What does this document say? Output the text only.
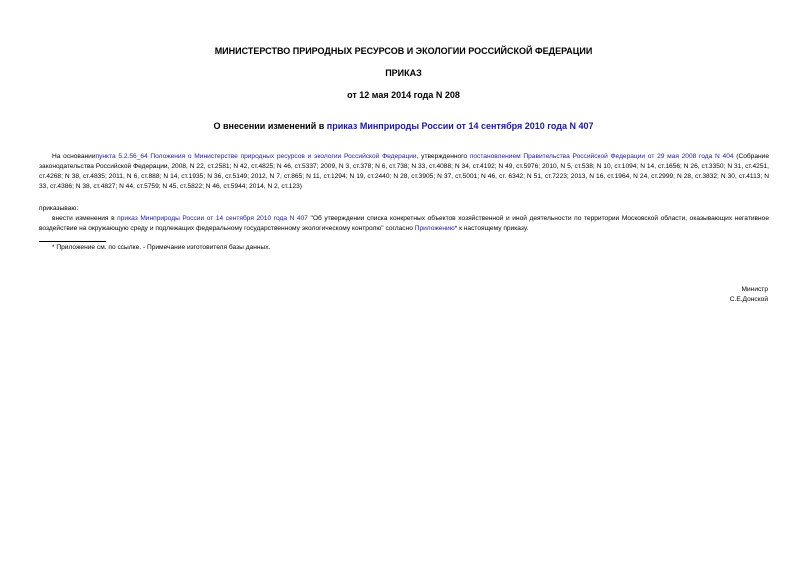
МИНИСТЕРСТВО ПРИРОДНЫХ РЕСУРСОВ И ЭКОЛОГИИ РОССИЙСКОЙ ФЕДЕРАЦИИ

ПРИКАЗ

от 12 мая 2014 года N 208

О внесении изменений в приказ Минприроды России от 14 сентября 2010 года N 407

На основаниипункта 5.2.56_64 Положения о Министерстве природных ресурсов и экологии Российской Федерации, утвержденного постановлением Правительства Российской Федерации от 29 мая 2008 года N 404 (Собрание законодательства Российской Федерации, 2008, N 22, ст.2581; N 42, ст.4825; N 46, ст.5337; 2009, N 3, ст.378; N 6, ст.738; N 33, ст.4088; N 34, ст.4192; N 49, ст.5976; 2010, N 5, ст.538; N 10, ст.1094; N 14, ст.1656; N 26, ст.3350; N 31, ст.4251, ст.4268; N 38, ст.4835; 2011, N 6, ст.888; N 14, ст.1935; N 36, ст.5149; 2012, N 7, ст.865; N 11, ст.1294; N 19, ст.2440; N 28, ст.3905; N 37, ст.5001; N 46, ст. 6342; N 51, ст.7223; 2013, N 16, ст.1964, N 24, ст.2999; N 28, ст.3832; N 30, ст.4113; N 33, ст.4386; N 38, ст.4827; N 44, ст.5759; N 45, ст.5822; N 46, ст.5944; 2014, N 2, ст.123)

приказываю:

внести изменения в приказ Минприроды России от 14 сентября 2010 года N 407 "Об утверждении списка конкретных объектов хозяйственной и иной деятельности по территории Московской области, оказывающих негативное воздействие на окружающую среду и подлежащих федеральному государственному экологическому контролю" согласно Приложению* к настоящему приказу.

* Приложение см. по ссылке. - Примечание изготовителя базы данных.

Министр

С.Е.Донской
